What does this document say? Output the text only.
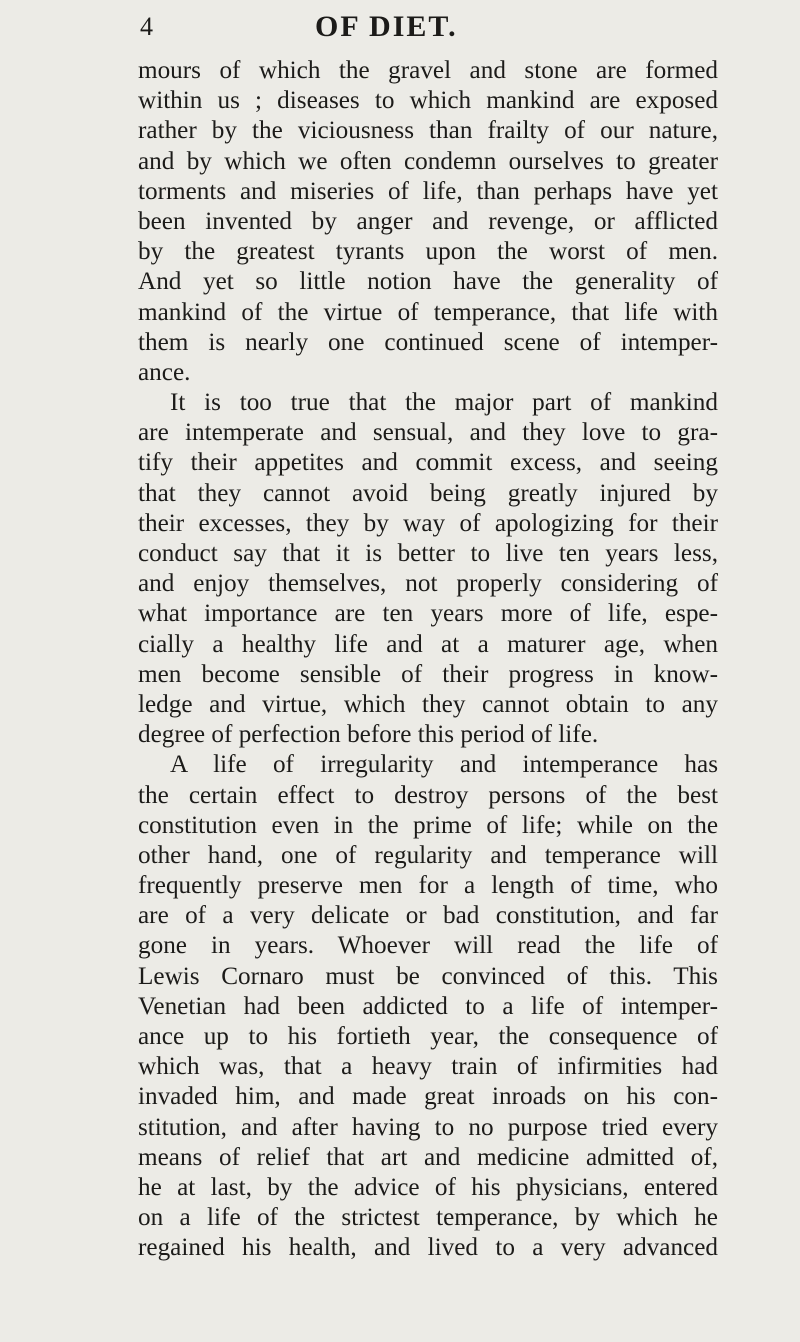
4	OF DIET.
mours of which the gravel and stone are formed
within us ; diseases to which mankind are exposed
rather by the viciousness than frailty of our nature,
and by which we often condemn ourselves to greater
torments and miseries of life, than perhaps have yet
been invented by anger and revenge, or afflicted
by the greatest tyrants upon the worst of men.
And yet so little notion have the generality of
mankind of the virtue of temperance, that life with
them is nearly one continued scene of intemper-
ance.
It is too true that the major part of mankind
are intemperate and sensual, and they love to gra-
tify their appetites and commit excess, and seeing
that they cannot avoid being greatly injured by
their excesses, they by way of apologizing for their
conduct say that it is better to live ten years less,
and enjoy themselves, not properly considering of
what importance are ten years more of life, espe-
cially a healthy life and at a maturer age, when
men become sensible of their progress in know-
ledge and virtue, which they cannot obtain to any
degree of perfection before this period of life.
A life of irregularity and intemperance has
the certain effect to destroy persons of the best
constitution even in the prime of life; while on the
other hand, one of regularity and temperance will
frequently preserve men for a length of time, who
are of a very delicate or bad constitution, and far
gone in years. Whoever will read the life of
Lewis Cornaro must be convinced of this. This
Venetian had been addicted to a life of intemper-
ance up to his fortieth year, the consequence of
which was, that a heavy train of infirmities had
invaded him, and made great inroads on his con-
stitution, and after having to no purpose tried every
means of relief that art and medicine admitted of,
he at last, by the advice of his physicians, entered
on a life of the strictest temperance, by which he
regained his health, and lived to a very advanced
